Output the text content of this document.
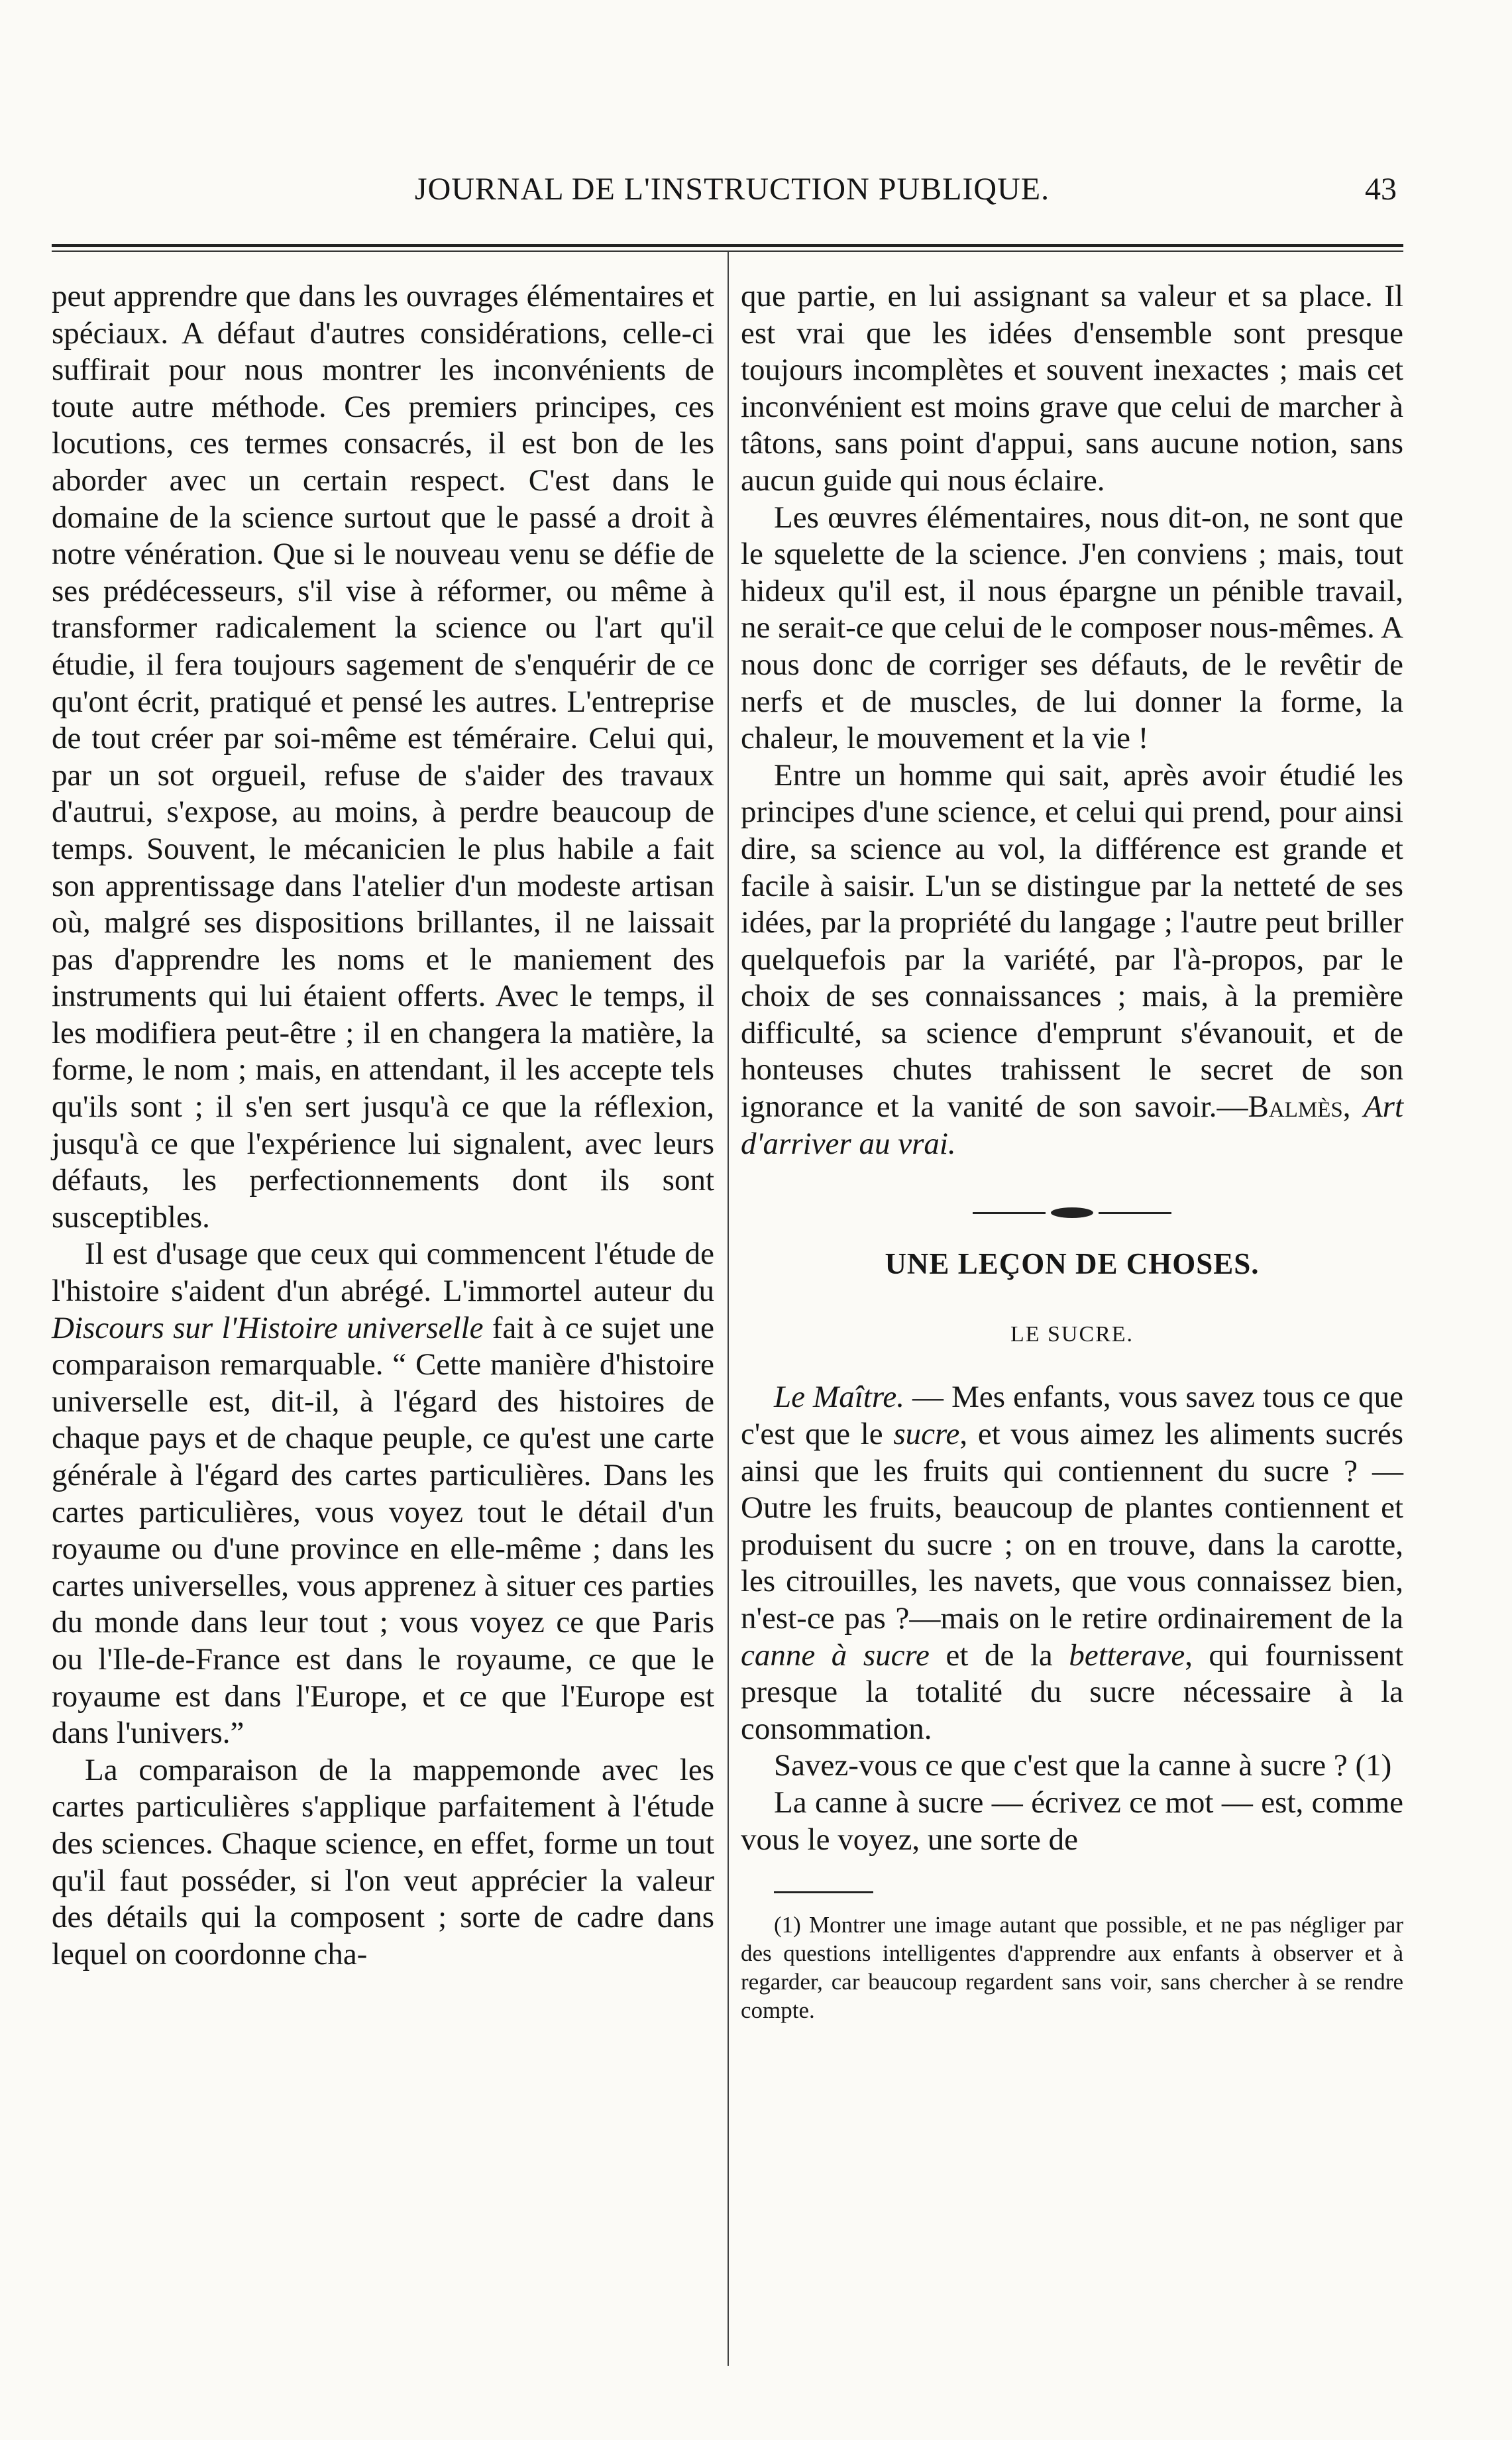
JOURNAL DE L'INSTRUCTION PUBLIQUE.	43

peut apprendre que dans les ouvrages élémentaires et spéciaux. A défaut d'autres considérations, celle-ci suffirait pour nous montrer les inconvénients de toute autre méthode. Ces premiers principes, ces locutions, ces termes consacrés, il est bon de les aborder avec un certain respect. C'est dans le domaine de la science surtout que le passé a droit à notre vénération. Que si le nouveau venu se défie de ses prédécesseurs, s'il vise à réformer, ou même à transformer radicalement la science ou l'art qu'il étudie, il fera toujours sagement de s'enquérir de ce qu'ont écrit, pratiqué et pensé les autres. L'entreprise de tout créer par soi-même est téméraire. Celui qui, par un sot orgueil, refuse de s'aider des travaux d'autrui, s'expose, au moins, à perdre beaucoup de temps. Souvent, le mécanicien le plus habile a fait son apprentissage dans l'atelier d'un modeste artisan où, malgré ses dispositions brillantes, il ne laissait pas d'apprendre les noms et le maniement des instruments qui lui étaient offerts. Avec le temps, il les modifiera peut-être ; il en changera la matière, la forme, le nom ; mais, en attendant, il les accepte tels qu'ils sont ; il s'en sert jusqu'à ce que la réflexion, jusqu'à ce que l'expérience lui signalent, avec leurs défauts, les perfectionnements dont ils sont susceptibles.

Il est d'usage que ceux qui commencent l'étude de l'histoire s'aident d'un abrégé. L'immortel auteur du Discours sur l'Histoire universelle fait à ce sujet une comparaison remarquable. “ Cette manière d'histoire universelle est, dit-il, à l'égard des histoires de chaque pays et de chaque peuple, ce qu'est une carte générale à l'égard des cartes particulières. Dans les cartes particulières, vous voyez tout le détail d'un royaume ou d'une province en elle-même ; dans les cartes universelles, vous apprenez à situer ces parties du monde dans leur tout ; vous voyez ce que Paris ou l'Ile-de-France est dans le royaume, ce que le royaume est dans l'Europe, et ce que l'Europe est dans l'univers.”

La comparaison de la mappemonde avec les cartes particulières s'applique parfaitement à l'étude des sciences. Chaque science, en effet, forme un tout qu'il faut posséder, si l'on veut apprécier la valeur des détails qui la composent ; sorte de cadre dans lequel on coordonne cha-

que partie, en lui assignant sa valeur et sa place. Il est vrai que les idées d'ensemble sont presque toujours incomplètes et souvent inexactes ; mais cet inconvénient est moins grave que celui de marcher à tâtons, sans point d'appui, sans aucune notion, sans aucun guide qui nous éclaire.

Les œuvres élémentaires, nous dit-on, ne sont que le squelette de la science. J'en conviens ; mais, tout hideux qu'il est, il nous épargne un pénible travail, ne serait-ce que celui de le composer nous-mêmes. A nous donc de corriger ses défauts, de le revêtir de nerfs et de muscles, de lui donner la forme, la chaleur, le mouvement et la vie !

Entre un homme qui sait, après avoir étudié les principes d'une science, et celui qui prend, pour ainsi dire, sa science au vol, la différence est grande et facile à saisir. L'un se distingue par la netteté de ses idées, par la propriété du langage ; l'autre peut briller quelquefois par la variété, par l'à-propos, par le choix de ses connaissances ; mais, à la première difficulté, sa science d'emprunt s'évanouit, et de honteuses chutes trahissent le secret de son ignorance et la vanité de son savoir.—Balmès, Art d'arriver au vrai.

UNE LEÇON DE CHOSES.
LE SUCRE.

Le Maître. — Mes enfants, vous savez tous ce que c'est que le sucre, et vous aimez les aliments sucrés ainsi que les fruits qui contiennent du sucre ? — Outre les fruits, beaucoup de plantes contiennent et produisent du sucre ; on en trouve, dans la carotte, les citrouilles, les navets, que vous connaissez bien, n'est-ce pas ?—mais on le retire ordinairement de la canne à sucre et de la betterave, qui fournissent presque la totalité du sucre nécessaire à la consommation.

Savez-vous ce que c'est que la canne à sucre ? (1)

La canne à sucre — écrivez ce mot — est, comme vous le voyez, une sorte de

(1) Montrer une image autant que possible, et ne pas négliger par des questions intelligentes d'apprendre aux enfants à observer et à regarder, car beaucoup regardent sans voir, sans chercher à se rendre compte.
